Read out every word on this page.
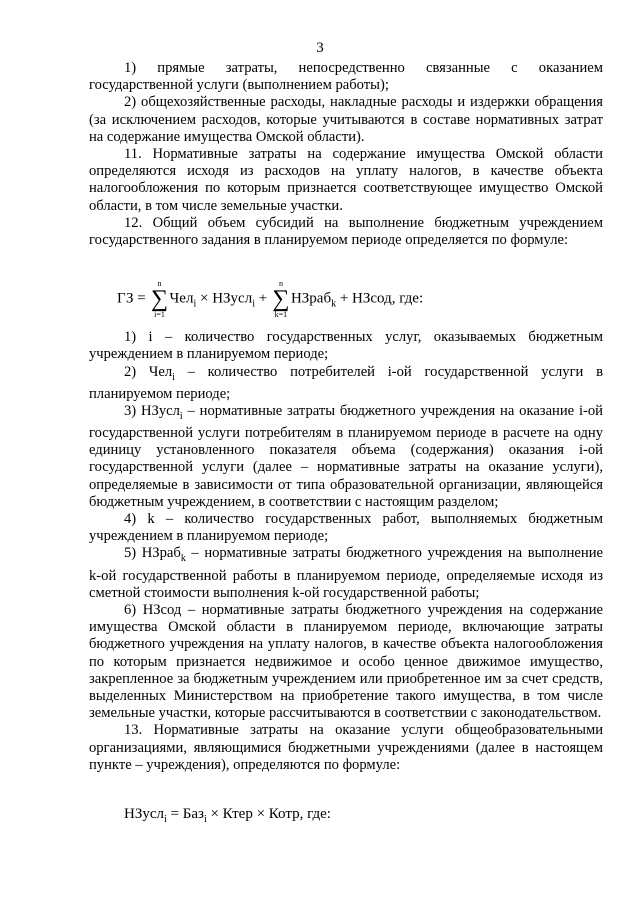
3

1) прямые затраты, непосредственно связанные с оказанием государственной услуги (выполнением работы);

2) общехозяйственные расходы, накладные расходы и издержки обращения (за исключением расходов, которые учитываются в составе нормативных затрат на содержание имущества Омской области).

11. Нормативные затраты на содержание имущества Омской области определяются исходя из расходов на уплату налогов, в качестве объекта налогообложения по которым признается соответствующее имущество Омской области, в том числе земельные участки.

12. Общий объем субсидий на выполнение бюджетным учреждением государственного задания в планируемом периоде определяется по формуле:

ГЗ =
n
∑
i=1
Чел$_i$ × НЗусл$_i$ +
n
∑
k=1
НЗраб$_k$ + НЗсод, где:

1) i – количество государственных услуг, оказываемых бюджетным учреждением в планируемом периоде;

2) Чел$_i$ – количество потребителей i-ой государственной услуги в планируемом периоде;

3) НЗусл$_i$ – нормативные затраты бюджетного учреждения на оказание i-ой государственной услуги потребителям в планируемом периоде в расчете на одну единицу установленного показателя объема (содержания) оказания i-ой государственной услуги (далее – нормативные затраты на оказание услуги), определяемые в зависимости от типа образовательной организации, являющейся бюджетным учреждением, в соответствии с настоящим разделом;

4) k – количество государственных работ, выполняемых бюджетным учреждением в планируемом периоде;

5) НЗраб$_k$ – нормативные затраты бюджетного учреждения на выполнение k-ой государственной работы в планируемом периоде, определяемые исходя из сметной стоимости выполнения k-ой государственной работы;

6) НЗсод – нормативные затраты бюджетного учреждения на содержание имущества Омской области в планируемом периоде, включающие затраты бюджетного учреждения на уплату налогов, в качестве объекта налогообложения по которым признается недвижимое и особо ценное движимое имущество, закрепленное за бюджетным учреждением или приобретенное им за счет средств, выделенных Министерством на приобретение такого имущества, в том числе земельные участки, которые рассчитываются в соответствии с законодательством.

13. Нормативные затраты на оказание услуги общеобразовательными организациями, являющимися бюджетными учреждениями (далее в настоящем пункте – учреждения), определяются по формуле:

НЗусл$_i$ = Баз$_i$ × Ктер × Котр, где:
